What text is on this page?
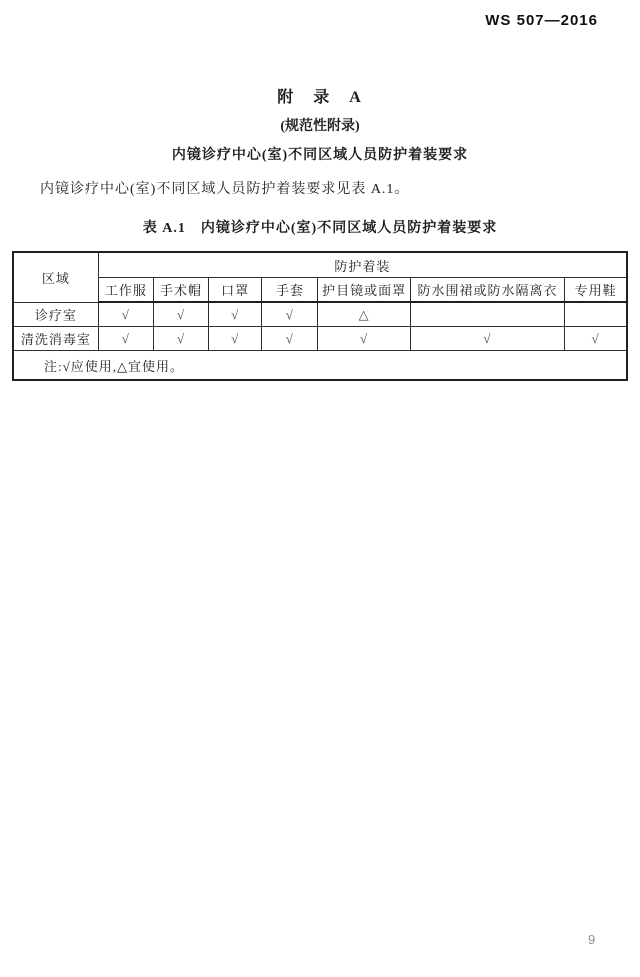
WS 507—2016
附　录　A
(规范性附录)
内镜诊疗中心(室)不同区域人员防护着装要求
内镜诊疗中心(室)不同区域人员防护着装要求见表 A.1。
表 A.1　内镜诊疗中心(室)不同区域人员防护着装要求
区域	防护着装						
	工作服	手术帽	口罩	手套	护目镜或面罩	防水围裙或防水隔离衣	专用鞋
诊疗室	√	√	√	√	△		
清洗消毒室	√	√	√	√	√	√	√
注:√应使用,△宜使用。							
9
